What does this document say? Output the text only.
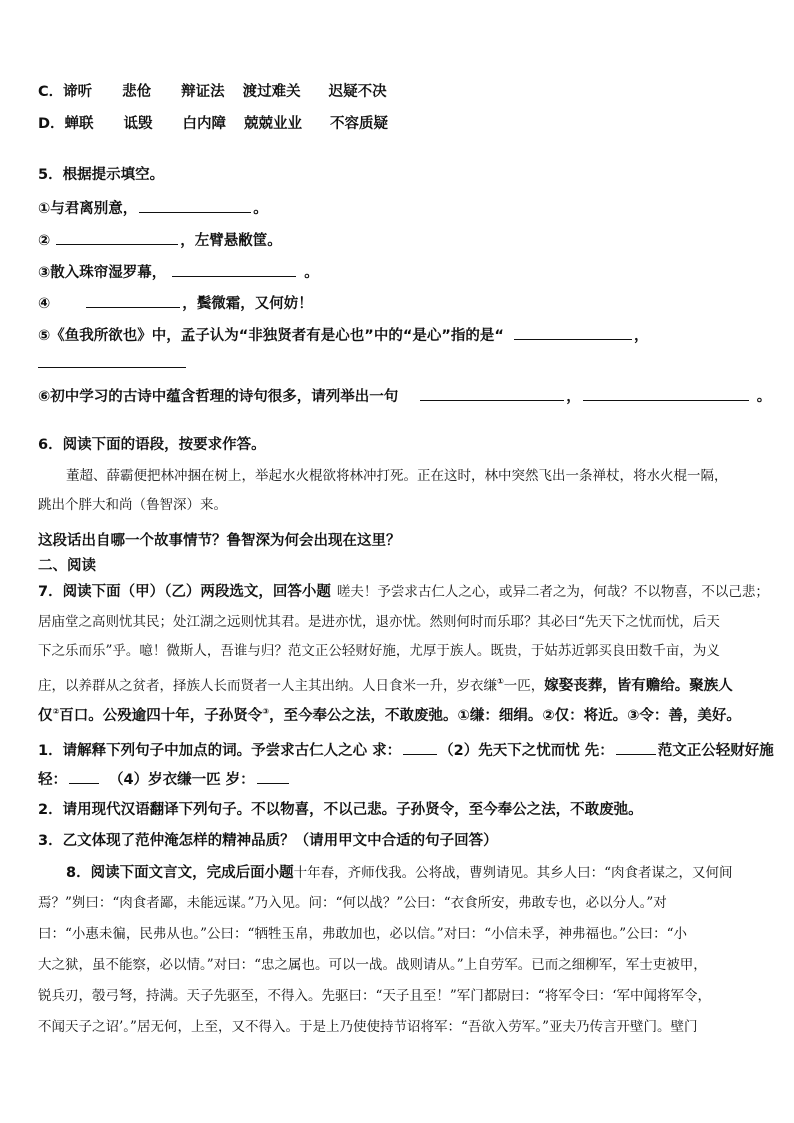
C．谛听 悲伧 辩证法 渡过难关 迟疑不决
D．蝉联 诋毁 白内障 兢兢业业 不容质疑
5．根据提示填空。
①与君离别意，	。
②	，左臂悬敝筐。
③散入珠帘湿罗幕，	。
④	，鬓微霜，又何妨！
⑤《鱼我所欲也》中，孟子认为“非独贤者有是心也”中的“是心”指的是“	，
⑥初中学习的古诗中蕴含哲理的诗句很多，请列举出一句	，	。
6．阅读下面的语段，按要求作答。
董超、薛霸便把林冲捆在树上，举起水火棍欲将林冲打死。正在这时，林中突然飞出一条禅杖，将水火棍一隔，
跳出个胖大和尚（鲁智深）来。
这段话出自哪一个故事情节？鲁智深为何会出现在这里？
二、阅读
7．阅读下面（甲）（乙）两段选文，回答小题 嗟夫！予尝求古仁人之心，或异二者之为，何哉？不以物喜，不以己悲；
居庙堂之高则忧其民；处江湖之远则忧其君。是进亦忧，退亦忧。然则何时而乐耶？其必曰“先天下之忧而忧，后天
下之乐而乐”乎。噫！微斯人，吾谁与归？范文正公轻财好施，尤厚于族人。既贵，于姑苏近郭买良田数千亩，为义
庄，以养群从之贫者，择族人长而贤者一人主其出纳。人日食米一升，岁衣缣①一匹，嫁娶丧葬，皆有赡给。聚族人
仅②百口。公殁逾四十年，子孙贤令③，至今奉公之法，不敢废弛。①缣：细绢。②仅：将近。③令：善，美好。
1．请解释下列句子中加点的词。予尝求古仁人之心 求：	（2）先天下之忧而忧 先：	范文正公轻财好施
轻：	（4）岁衣缣一匹 岁：
2．请用现代汉语翻译下列句子。不以物喜，不以己悲。子孙贤令，至今奉公之法，不敢废弛。
3．乙文体现了范仲淹怎样的精神品质？（请用甲文中合适的句子回答）
8．阅读下面文言文，完成后面小题十年春，齐师伐我。公将战，曹刿请见。其乡人曰：“肉食者谋之，又何间
焉？”刿曰：“肉食者鄙，未能远谋。”乃入见。问：“何以战？”公曰：“衣食所安，弗敢专也，必以分人。”对
曰：“小惠未徧，民弗从也。”公曰：“牺牲玉帛，弗敢加也，必以信。”对曰：“小信未孚，神弗福也。”公曰：“小
大之狱，虽不能察，必以情。”对曰：“忠之属也。可以一战。战则请从。”上自劳军。已而之细柳军，军士吏被甲，
锐兵刃，彀弓弩，持满。天子先驱至，不得入。先驱曰：“天子且至！”军门都尉曰：“将军令曰：‘军中闻将军令，
不闻天子之诏’。”居无何，上至，又不得入。于是上乃使使持节诏将军：“吾欲入劳军。”亚夫乃传言开壁门。壁门
